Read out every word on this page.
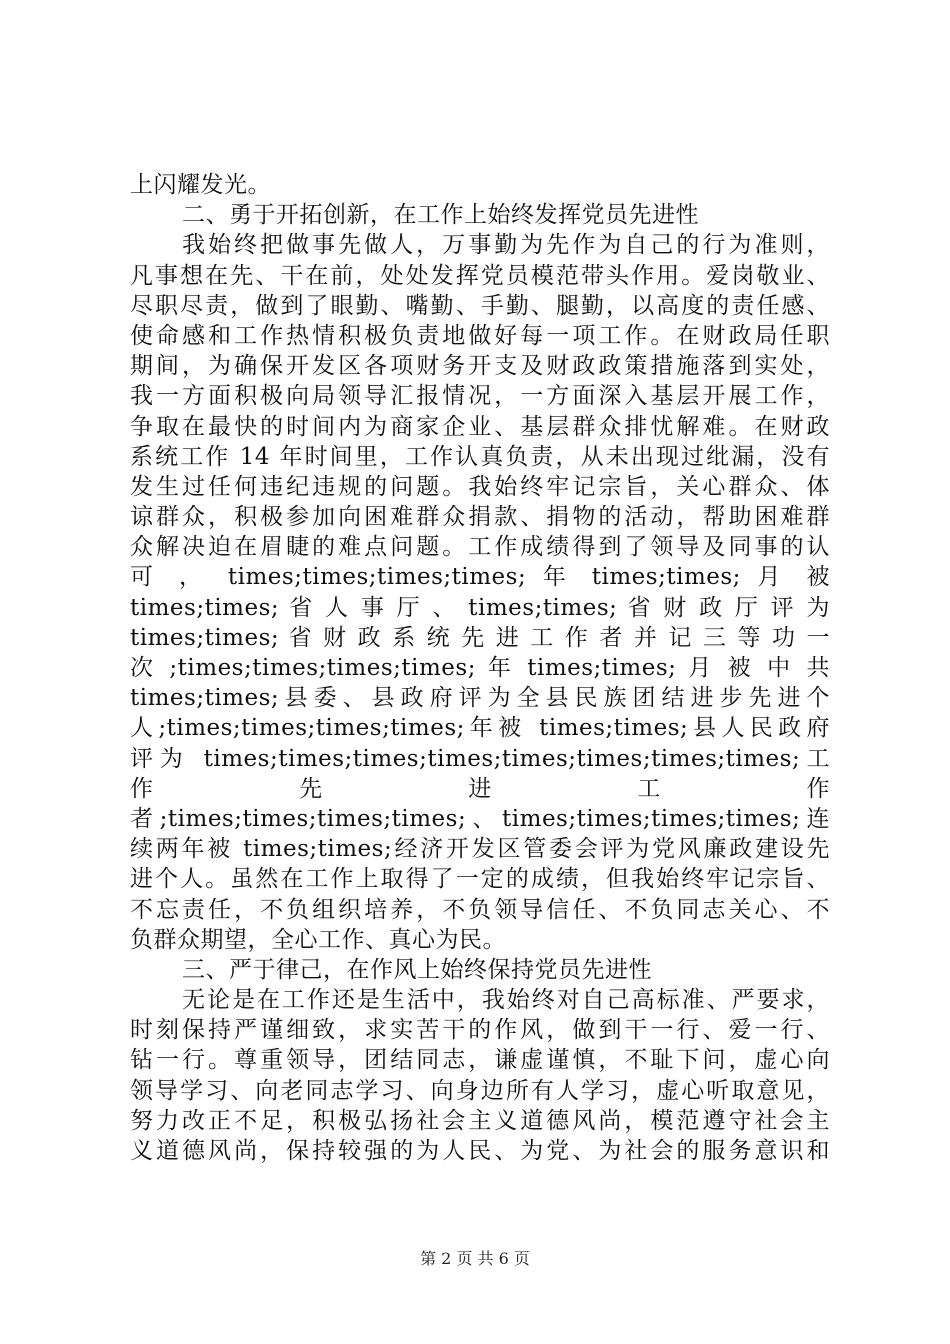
上闪耀发光。
二、勇于开拓创新，在工作上始终发挥党员先进性
我始终把做事先做人，万事勤为先作为自己的行为准则，
凡事想在先、干在前，处处发挥党员模范带头作用。爱岗敬业、
尽职尽责，做到了眼勤、嘴勤、手勤、腿勤，以高度的责任感、
使命感和工作热情积极负责地做好每一项工作。在财政局任职
期间，为确保开发区各项财务开支及财政政策措施落到实处，
我一方面积极向局领导汇报情况，一方面深入基层开展工作，
争取在最快的时间内为商家企业、基层群众排忧解难。在财政
系统工作 14 年时间里，工作认真负责，从未出现过纰漏，没有
发生过任何违纪违规的问题。我始终牢记宗旨，关心群众、体
谅群众，积极参加向困难群众捐款、捐物的活动，帮助困难群
众解决迫在眉睫的难点问题。工作成绩得到了领导及同事的认
可 ， times;times;times;times; 年 times;times; 月 被
times;times; 省 人 事 厅 、 times;times; 省 财 政 厅 评 为
times;times; 省 财 政 系 统 先 进 工 作 者 并 记 三 等 功 一
次 ;times;times;times;times; 年 times;times; 月 被 中 共
times;times;县委、县政府评为全县民族团结进步先进个
人;times;times;times;times;年被 times;times;县人民政府
评为 times;times;times;times;times;times;times;times;工
作 先 进 工 作
者;times;times;times;times;、times;times;times;times;连
续两年被 times;times;经济开发区管委会评为党风廉政建设先
进个人。虽然在工作上取得了一定的成绩，但我始终牢记宗旨、
不忘责任，不负组织培养，不负领导信任、不负同志关心、不
负群众期望，全心工作、真心为民。
三、严于律己，在作风上始终保持党员先进性
无论是在工作还是生活中，我始终对自己高标准、严要求，
时刻保持严谨细致，求实苦干的作风，做到干一行、爱一行、
钻一行。尊重领导，团结同志，谦虚谨慎，不耻下问，虚心向
领导学习、向老同志学习、向身边所有人学习，虚心听取意见，
努力改正不足，积极弘扬社会主义道德风尚，模范遵守社会主
义道德风尚，保持较强的为人民、为党、为社会的服务意识和
第 2 页 共 6 页
